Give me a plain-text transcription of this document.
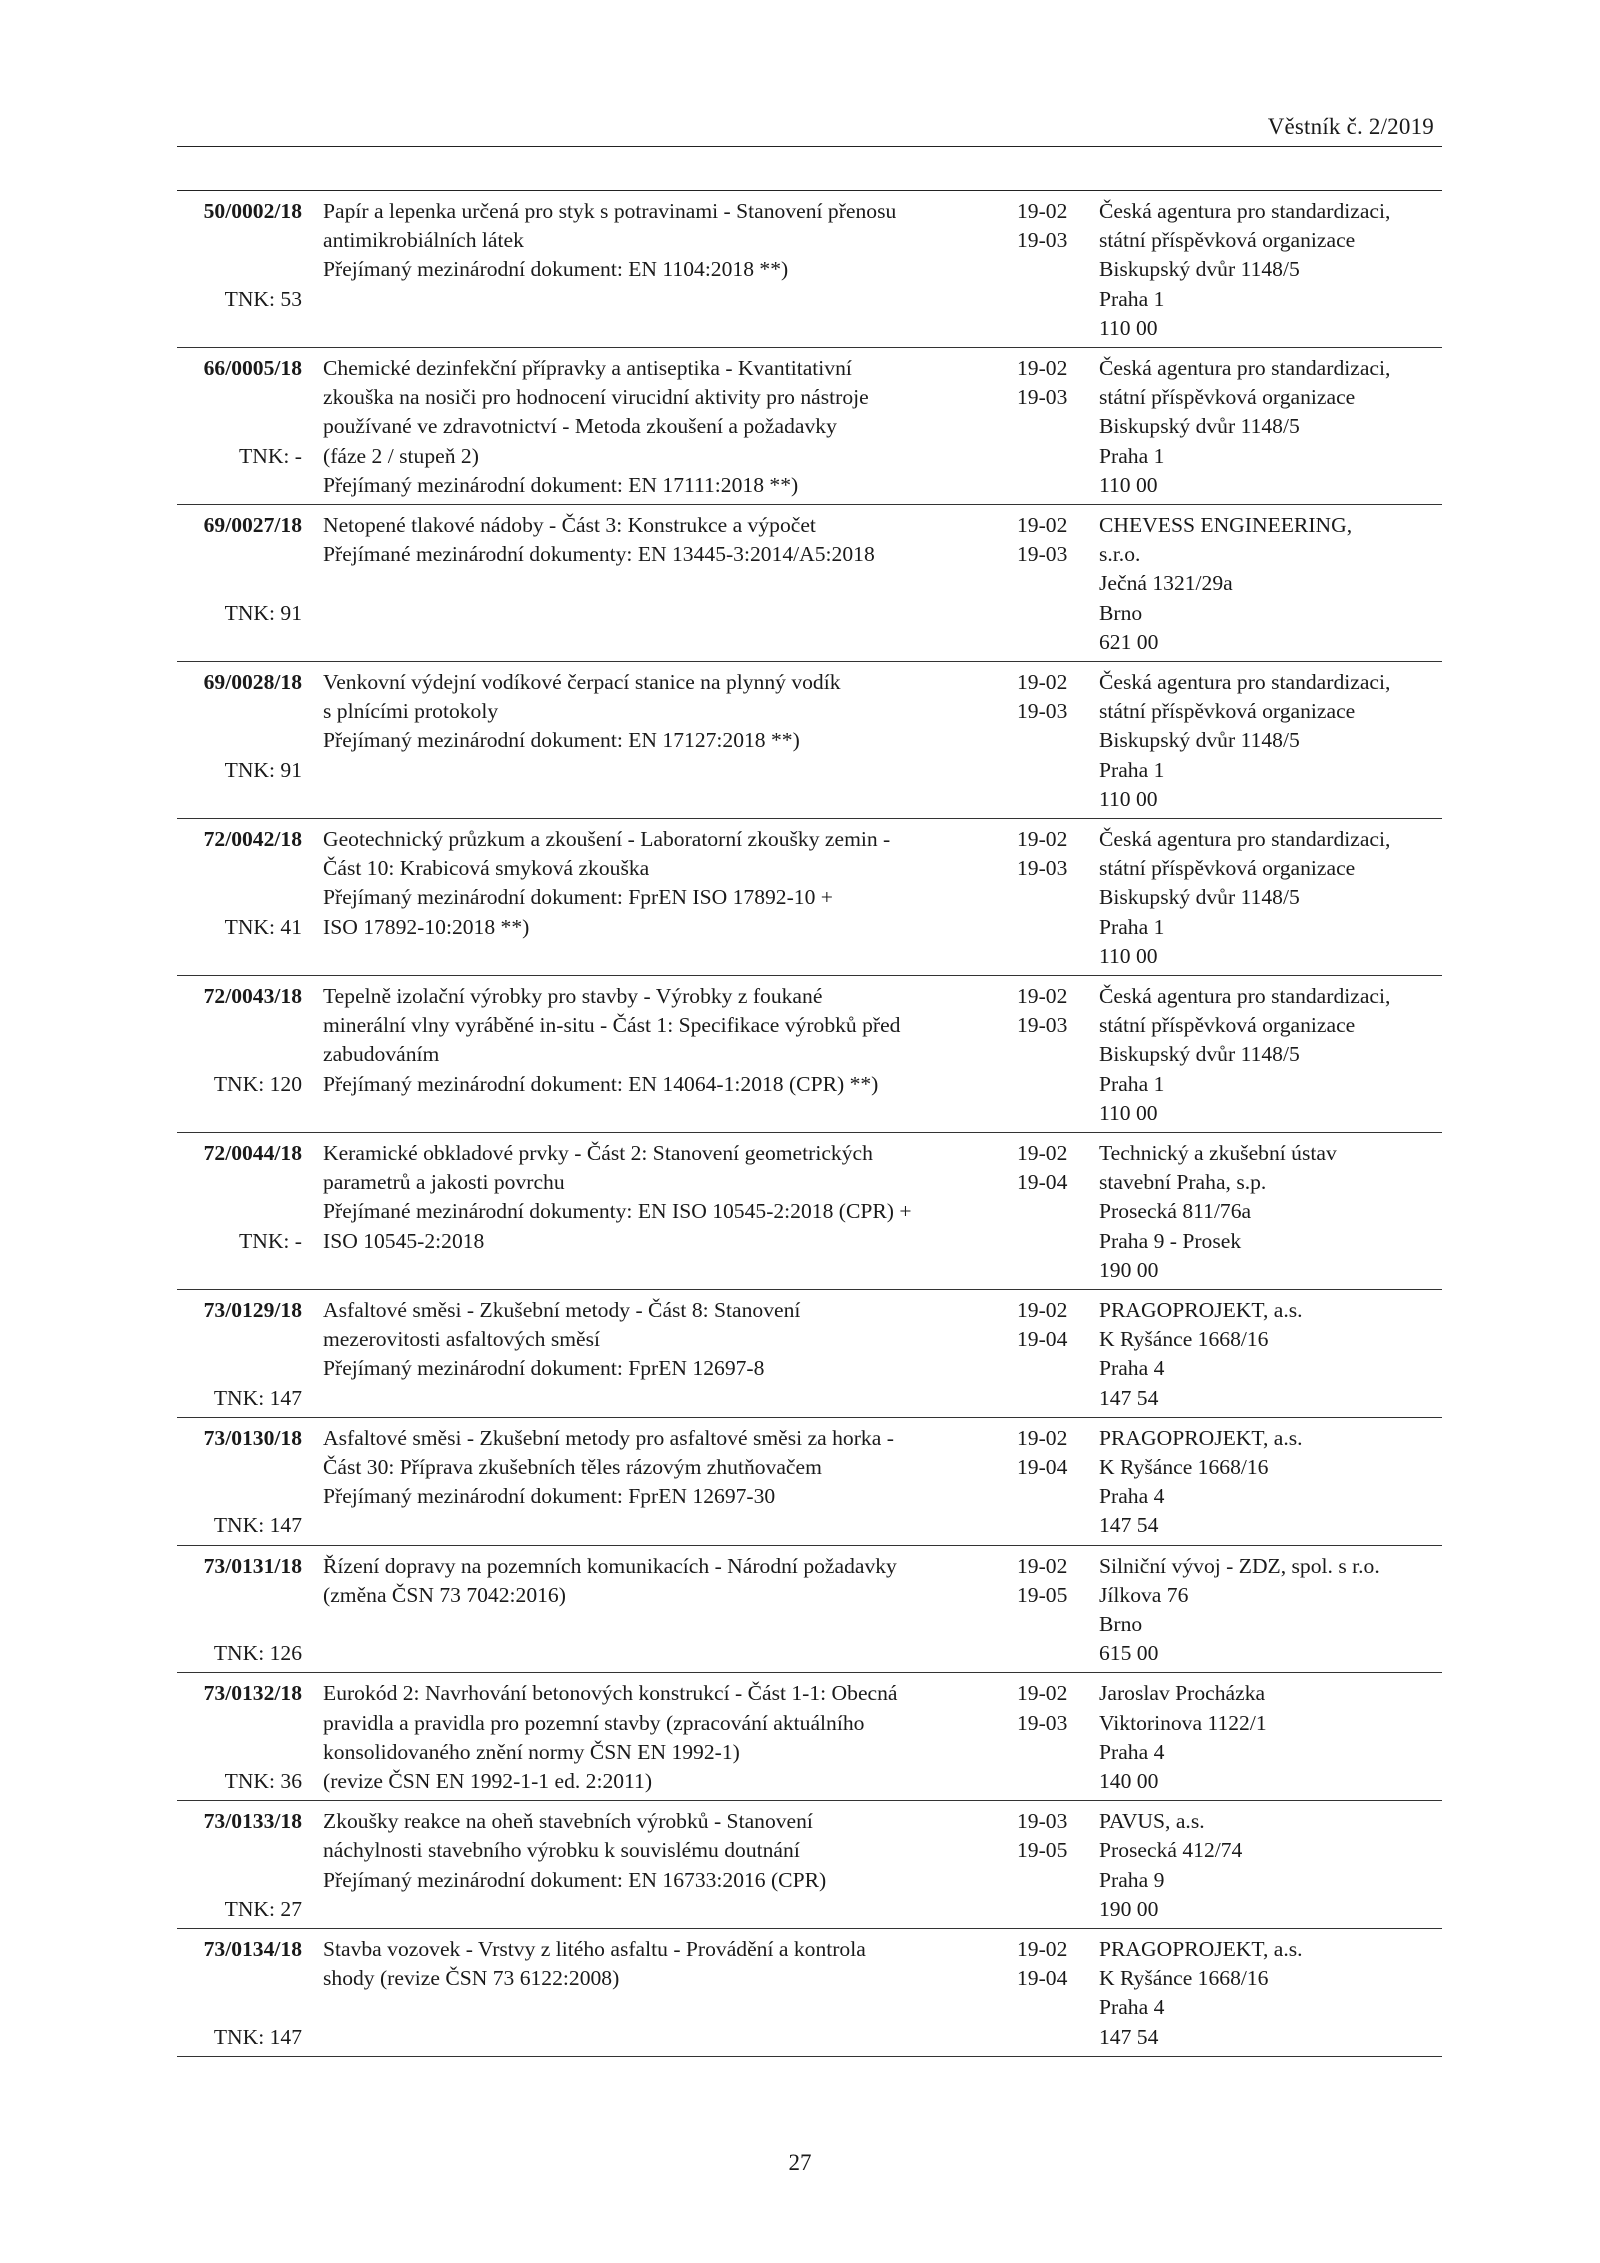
Věstník č. 2/2019
50/0002/18
TNK: 53
Papír a lepenka určená pro styk s potravinami - Stanovení přenosu
antimikrobiálních látek
Přejímaný mezinárodní dokument: EN 1104:2018 **)
19-02
19-03
Česká agentura pro standardizaci,
státní příspěvková organizace
Biskupský dvůr 1148/5
Praha 1
110 00
66/0005/18
TNK: -
Chemické dezinfekční přípravky a antiseptika - Kvantitativní
zkouška na nosiči pro hodnocení virucidní aktivity pro nástroje
používané ve zdravotnictví - Metoda zkoušení a požadavky
(fáze 2 / stupeň 2)
Přejímaný mezinárodní dokument: EN 17111:2018 **)
19-02
19-03
Česká agentura pro standardizaci,
státní příspěvková organizace
Biskupský dvůr 1148/5
Praha 1
110 00
69/0027/18
TNK: 91
Netopené tlakové nádoby - Část 3: Konstrukce a výpočet
Přejímané mezinárodní dokumenty: EN 13445-3:2014/A5:2018
19-02
19-03
CHEVESS ENGINEERING,
s.r.o.
Ječná 1321/29a
Brno
621 00
69/0028/18
TNK: 91
Venkovní výdejní vodíkové čerpací stanice na plynný vodík
s plnícími protokoly
Přejímaný mezinárodní dokument: EN 17127:2018 **)
19-02
19-03
Česká agentura pro standardizaci,
státní příspěvková organizace
Biskupský dvůr 1148/5
Praha 1
110 00
72/0042/18
TNK: 41
Geotechnický průzkum a zkoušení - Laboratorní zkoušky zemin -
Část 10: Krabicová smyková zkouška
Přejímaný mezinárodní dokument: FprEN ISO 17892-10 +
ISO 17892-10:2018 **)
19-02
19-03
Česká agentura pro standardizaci,
státní příspěvková organizace
Biskupský dvůr 1148/5
Praha 1
110 00
72/0043/18
TNK: 120
Tepelně izolační výrobky pro stavby - Výrobky z foukané
minerální vlny vyráběné in-situ - Část 1: Specifikace výrobků před
zabudováním
Přejímaný mezinárodní dokument: EN 14064-1:2018 (CPR) **)
19-02
19-03
Česká agentura pro standardizaci,
státní příspěvková organizace
Biskupský dvůr 1148/5
Praha 1
110 00
72/0044/18
TNK: -
Keramické obkladové prvky - Část 2: Stanovení geometrických
parametrů a jakosti povrchu
Přejímané mezinárodní dokumenty: EN ISO 10545-2:2018 (CPR) +
ISO 10545-2:2018
19-02
19-04
Technický a zkušební ústav
stavební Praha, s.p.
Prosecká 811/76a
Praha 9 - Prosek
190 00
73/0129/18
TNK: 147
Asfaltové směsi - Zkušební metody - Část 8: Stanovení
mezerovitosti asfaltových směsí
Přejímaný mezinárodní dokument: FprEN 12697-8
19-02
19-04
PRAGOPROJEKT, a.s.
K Ryšánce 1668/16
Praha 4
147 54
73/0130/18
TNK: 147
Asfaltové směsi - Zkušební metody pro asfaltové směsi za horka -
Část 30: Příprava zkušebních těles rázovým zhutňovačem
Přejímaný mezinárodní dokument: FprEN 12697-30
19-02
19-04
PRAGOPROJEKT, a.s.
K Ryšánce 1668/16
Praha 4
147 54
73/0131/18
TNK: 126
Řízení dopravy na pozemních komunikacích - Národní požadavky
(změna ČSN 73 7042:2016)
19-02
19-05
Silniční vývoj - ZDZ, spol. s r.o.
Jílkova 76
Brno
615 00
73/0132/18
TNK: 36
Eurokód 2: Navrhování betonových konstrukcí - Část 1-1: Obecná
pravidla a pravidla pro pozemní stavby (zpracování aktuálního
konsolidovaného znění normy ČSN EN 1992-1)
(revize ČSN EN 1992-1-1 ed. 2:2011)
19-02
19-03
Jaroslav Procházka
Viktorinova 1122/1
Praha 4
140 00
73/0133/18
TNK: 27
Zkoušky reakce na oheň stavebních výrobků - Stanovení
náchylnosti stavebního výrobku k souvislému doutnání
Přejímaný mezinárodní dokument: EN 16733:2016 (CPR)
19-03
19-05
PAVUS, a.s.
Prosecká 412/74
Praha 9
190 00
73/0134/18
TNK: 147
Stavba vozovek - Vrstvy z litého asfaltu - Provádění a kontrola
shody (revize ČSN 73 6122:2008)
19-02
19-04
PRAGOPROJEKT, a.s.
K Ryšánce 1668/16
Praha 4
147 54
27
